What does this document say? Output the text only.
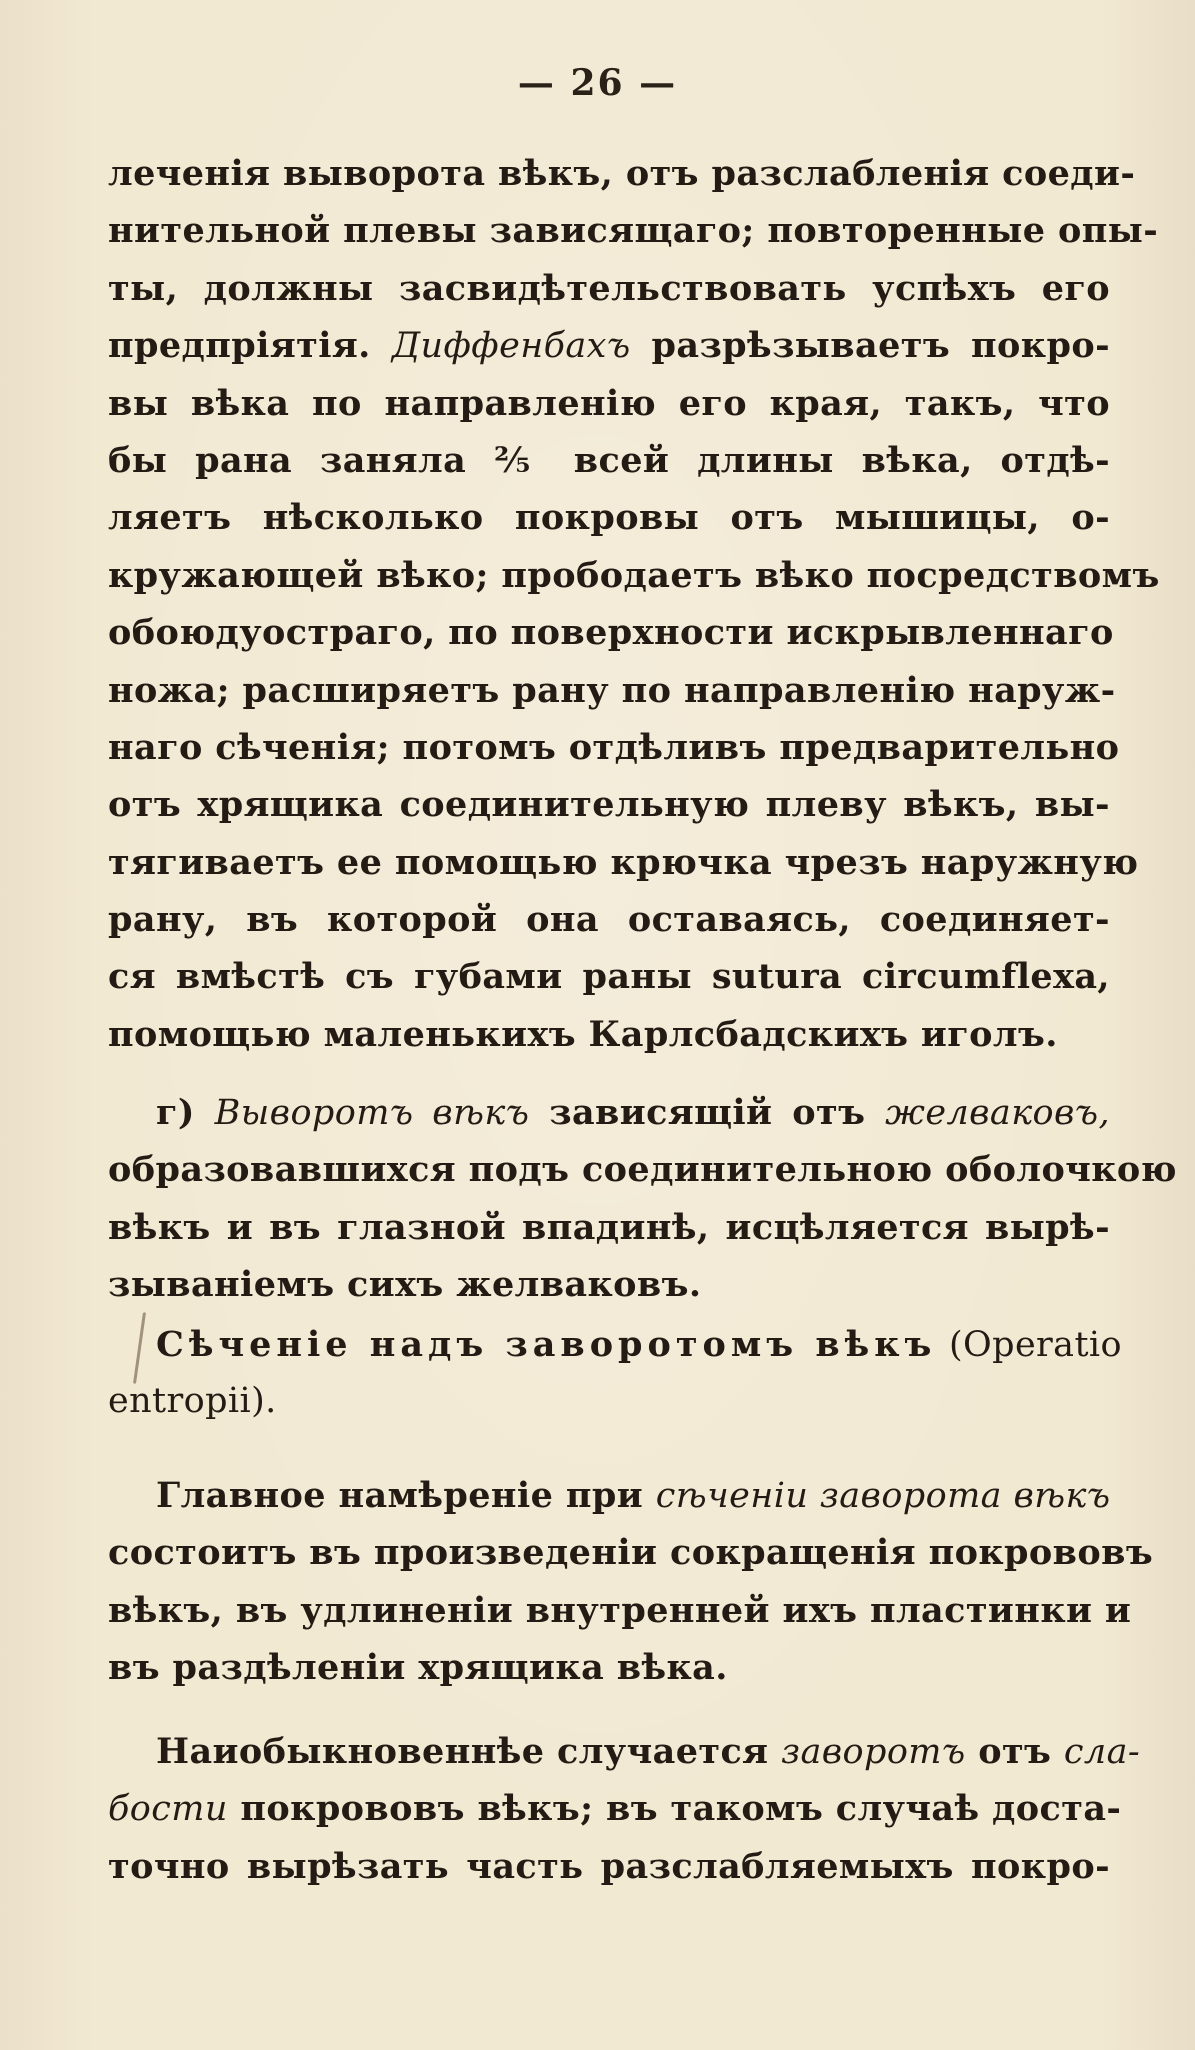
— 26 —
леченія выворота вѣкъ, отъ разслабленія соеди-
нительной плевы зависящаго; повторенные опы-
ты, должны засвидѣтельствовать успѣхъ его
предпріятія. Диффенбахъ разрѣзываетъ покро-
вы вѣка по направленію его края, такъ, что
бы рана заняла ⅖ всей длины вѣка, отдѣ-
ляетъ нѣсколько покровы отъ мышицы, о-
кружающей вѣко; прободаетъ вѣко посредствомъ
обоюдуостраго, по поверхности искрывленнаго
ножа; расширяетъ рану по направленію наруж-
наго сѣченія; потомъ отдѣливъ предварительно
отъ хрящика соединительную плеву вѣкъ, вы-
тягиваетъ ее помощью крючка чрезъ наружную
рану, въ которой она оставаясь, соединяет-
ся вмѣстѣ съ губами раны sutura circumflexa,
помощью маленькихъ Карлсбадскихъ иголъ.
г) Выворотъ вѣкъ зависящій отъ желваковъ,
образовавшихся подъ соединительною оболочкою
вѣкъ и въ глазной впадинѣ, исцѣляется вырѣ-
зываніемъ сихъ желваковъ.
Сѣченіе надъ заворотомъ вѣкъ (Operatio
entropii).
Главное намѣреніе при сѣченіи заворота вѣкъ
состоитъ въ произведеніи сокращенія покрововъ
вѣкъ, въ удлиненіи внутренней ихъ пластинки и
въ раздѣленіи хрящика вѣка.
Наиобыкновеннѣе случается заворотъ отъ сла-
бости покрововъ вѣкъ; въ такомъ случаѣ доста-
точно вырѣзать часть разслабляемыхъ покро-
